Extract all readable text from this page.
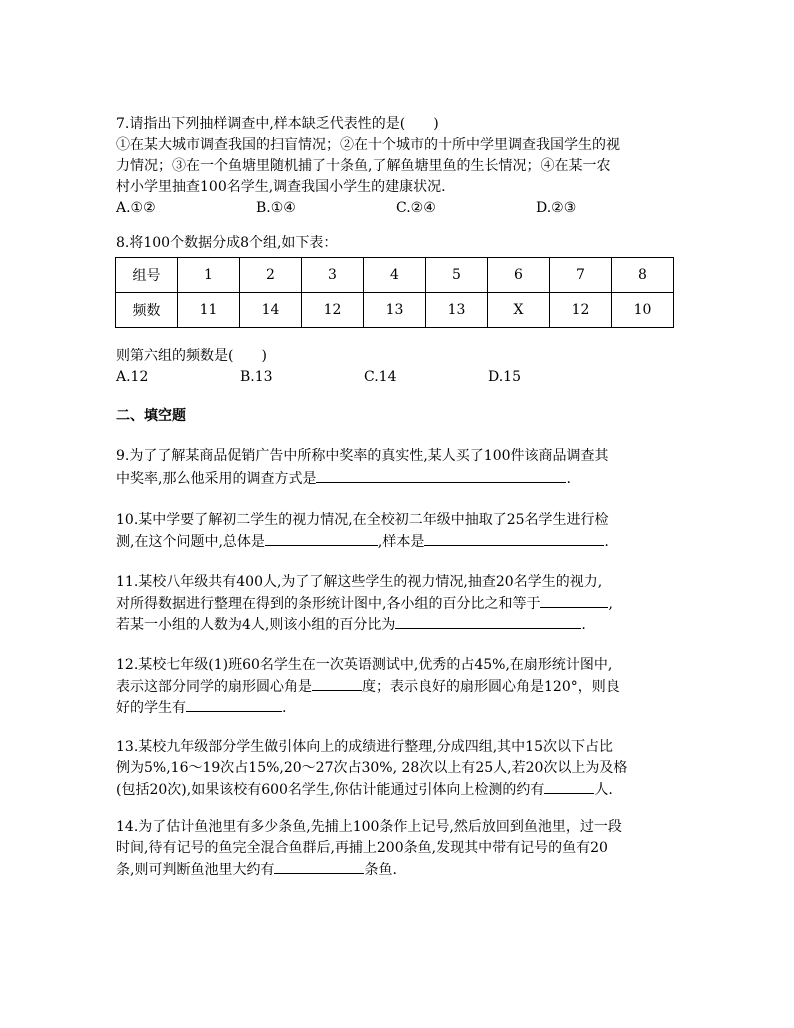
7.请指出下列抽样调查中,样本缺乏代表性的是(　　)
①在某大城市调查我国的扫盲情况；②在十个城市的十所中学里调查我国学生的视
力情况；③在一个鱼塘里随机捕了十条鱼,了解鱼塘里鱼的生长情况；④在某一农
村小学里抽查100名学生,调查我国小学生的建康状况.
A.①②	B.①④	C.②④	D.②③
8.将100个数据分成8个组,如下表：
组号	1	2	3	4	5	6	7	8
频数	11	14	12	13	13	X	12	10
则第六组的频数是(　　)
A.12	B.13	C.14	D.15
二、填空题
9.为了了解某商品促销广告中所称中奖率的真实性,某人买了100件该商品调查其
中奖率,那么他采用的调查方式是	.
10.某中学要了解初二学生的视力情况,在全校初二年级中抽取了25名学生进行检
测,在这个问题中,总体是	,样本是	.
11.某校八年级共有400人,为了了解这些学生的视力情况,抽查20名学生的视力,
对所得数据进行整理在得到的条形统计图中,各小组的百分比之和等于	,
若某一小组的人数为4人,则该小组的百分比为	.
12.某校七年级(1)班60名学生在一次英语测试中,优秀的占45%,在扇形统计图中,
表示这部分同学的扇形圆心角是	度；表示良好的扇形圆心角是120°，则良
好的学生有	.
13.某校九年级部分学生做引体向上的成绩进行整理,分成四组,其中15次以下占比
例为5%,16～19次占15%,20～27次占30%, 28次以上有25人,若20次以上为及格
(包括20次),如果该校有600名学生,你估计能通过引体向上检测的约有	人.
14.为了估计鱼池里有多少条鱼,先捕上100条作上记号,然后放回到鱼池里，过一段
时间,待有记号的鱼完全混合鱼群后,再捕上200条鱼,发现其中带有记号的鱼有20
条,则可判断鱼池里大约有	条鱼.
